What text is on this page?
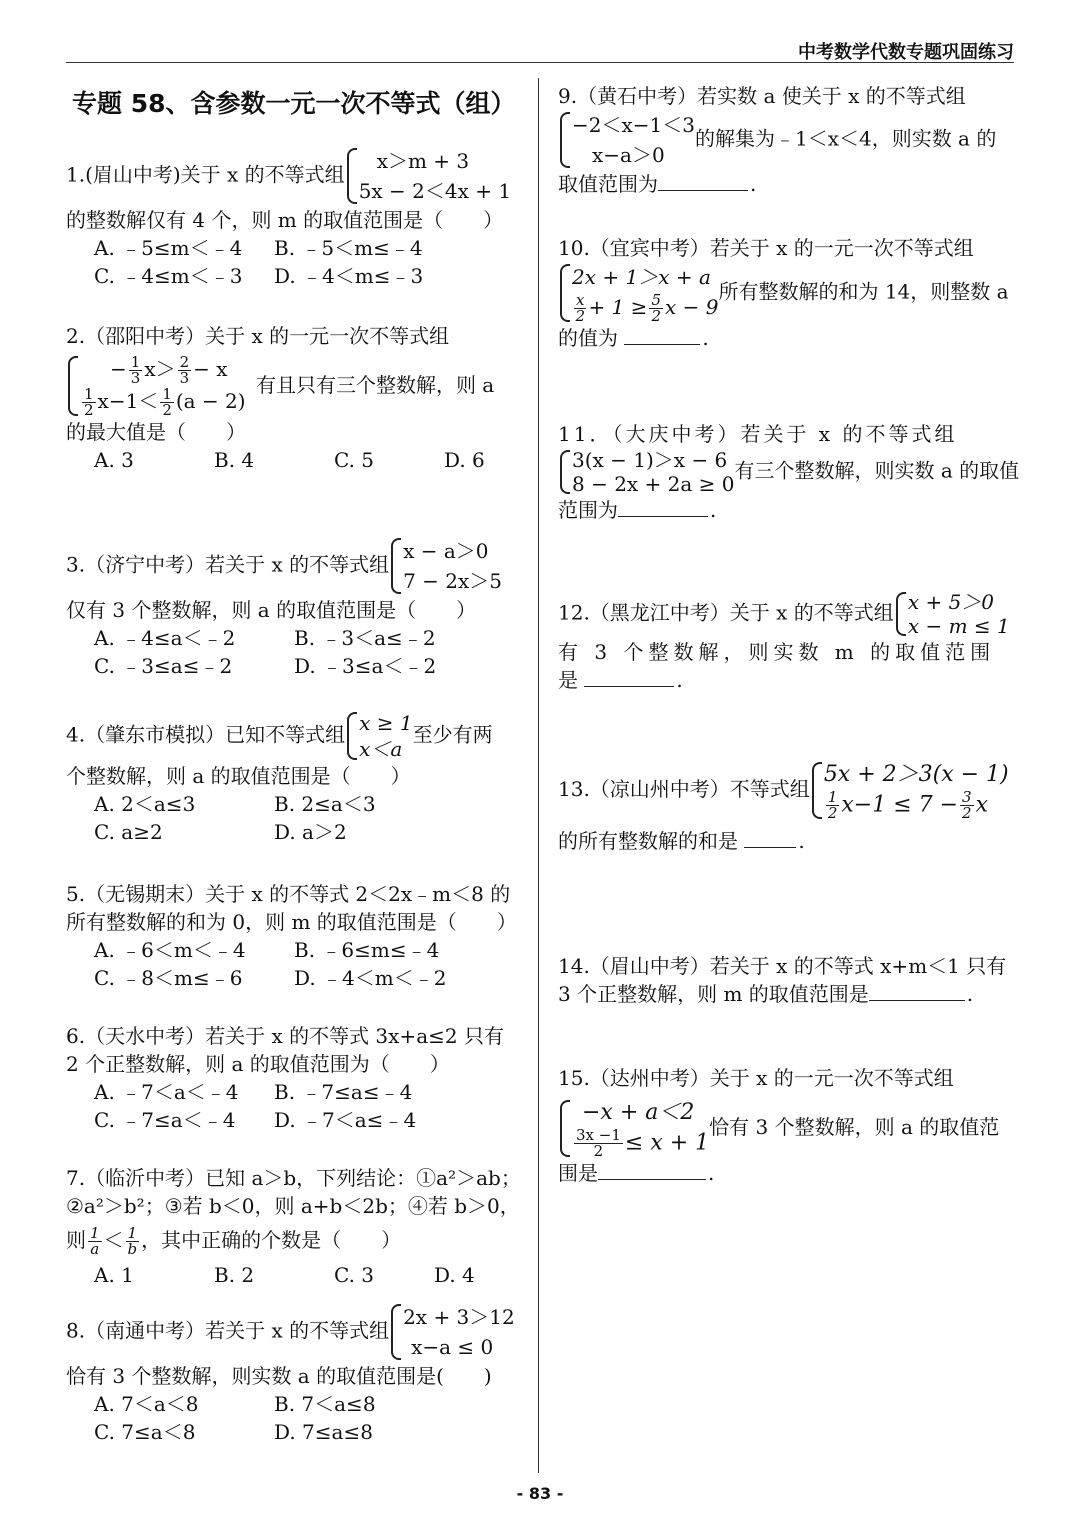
中考数学代数专题巩固练习
专题 58、含参数一元一次不等式（组）
1.(眉山中考)关于 x 的不等式组
x＞m + 3
5x − 2＜4x + 1
的整数解仅有 4 个，则 m 的取值范围是（　　）
A. ﹣5≤m＜﹣4 B. ﹣5＜m≤﹣4
C. ﹣4≤m＜﹣3 D. ﹣4＜m≤﹣3
2.（邵阳中考）关于 x 的一元一次不等式组
− $\frac{1}{3} x> \frac{2}{3} - x$
$\frac{1}{2} x-1< \frac{1}{2} (a - 2)$
有且只有三个整数解，则 a
的最大值是（　　）
A. 3	B. 4	C. 5	D. 6
3.（济宁中考）若关于 x 的不等式组
x − a＞0
7 − 2x＞5
仅有 3 个整数解，则 a 的取值范围是（　　）
A. ﹣4≤a＜﹣2	B. ﹣3＜a≤﹣2
C. ﹣3≤a≤﹣2	D. ﹣3≤a＜﹣2
4.（肇东市模拟）已知不等式组 x ≥ 1
x＜a
至少有两
个整数解，则 a 的取值范围是（　　）
A. 2＜a≤3	B. 2≤a＜3
C. a≥2	D. a＞2
5.（无锡期末）关于 x 的不等式 2＜2x﹣m＜8 的
所有整数解的和为 0，则 m 的取值范围是（　　）
A. ﹣6＜m＜﹣4 B. ﹣6≤m≤﹣4
C. ﹣8＜m≤﹣6	D. ﹣4＜m＜﹣2
6.（天水中考）若关于 x 的不等式 3x+a≤2 只有
2 个正整数解，则 a 的取值范围为（　　）
A. ﹣7＜a＜﹣4 B. ﹣7≤a≤﹣4
C. ﹣7≤a＜﹣4 D. ﹣7＜a≤﹣4
7.（临沂中考）已知 a＞b，下列结论：①a²＞ab；
②a²＞b²；③若 b＜0，则 a+b＜2b；④若 b＞0，
则 $\frac{1}{a} < \frac{1}{b}$ ，其中正确的个数是（　　）
A. 1	B. 2	C. 3	D. 4
8.（南通中考）若关于 x 的不等式组
2x + 3＞12
x−a ≤ 0
恰有 3 个整数解，则实数 a 的取值范围是(　　)
A. 7＜a＜8	B. 7＜a≤8
C. 7≤a＜8	D. 7≤a≤8
9.（黄石中考）若实数 a 使关于 x 的不等式组
−2＜x−1＜3
x−a＞0
的解集为﹣1＜x＜4，则实数 a 的
取值范围为	.
10.（宜宾中考）若关于 x 的一元一次不等式组
2x + 1＞x + a
$\frac{x}{2} + 1 \ge \frac{5}{2}$ x − 9
所有整数解的和为 14，则整数 a
的值为	.
11．（大庆中考）若关于 x 的不等式组
3(x − 1)＞x − 6
8 − 2x + 2a ≥ 0
有三个整数解，则实数 a 的取值
范围为	.
12.（黑龙江中考）关于 x 的不等式组 x + 5＞0
x − m ≤ 1
有 3 个整数解，则实数 m 的取值范围
是	.
13.（凉山州中考）不等式组
5x + 2＞3(x − 1)
$\frac{1}{2} x-1 \le 7 - \frac{3}{2}$ x
的所有整数解的和是	.
14.（眉山中考）若关于 x 的不等式 x+m＜1 只有
3 个正整数解，则 m 的取值范围是	.
15.（达州中考）关于 x 的一元一次不等式组
−x + a＜2
$\frac{3x -1}{2} \le x + 1$
恰有 3 个整数解，则 a 的取值范
围是	.
- 83 -
